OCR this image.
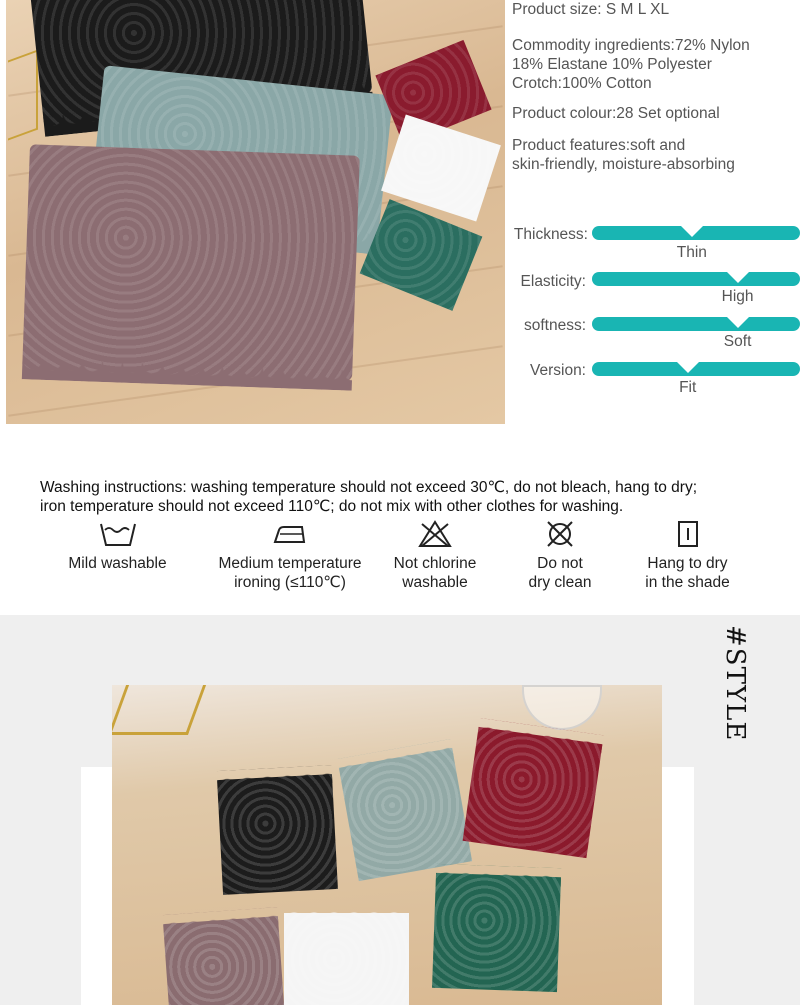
Product size: S M L XL
Commodity ingredients:72% Nylon
18% Elastane 10% Polyester
Crotch:100% Cotton
Product colour:28 Set optional
Product features:soft and
skin-friendly, moisture-absorbing
Thickness:
Thin
Elasticity:
High
softness:
Soft
Version:
Fit
Washing instructions: washing temperature should not exceed 30℃, do not bleach, hang to dry;
iron temperature should not exceed 110℃; do not mix with other clothes for washing.
Mild washable	Medium temperature
ironing (≤110℃)
Not chlorine
washable
Do not
dry clean
Hang to dry
in the shade
#STYLE
